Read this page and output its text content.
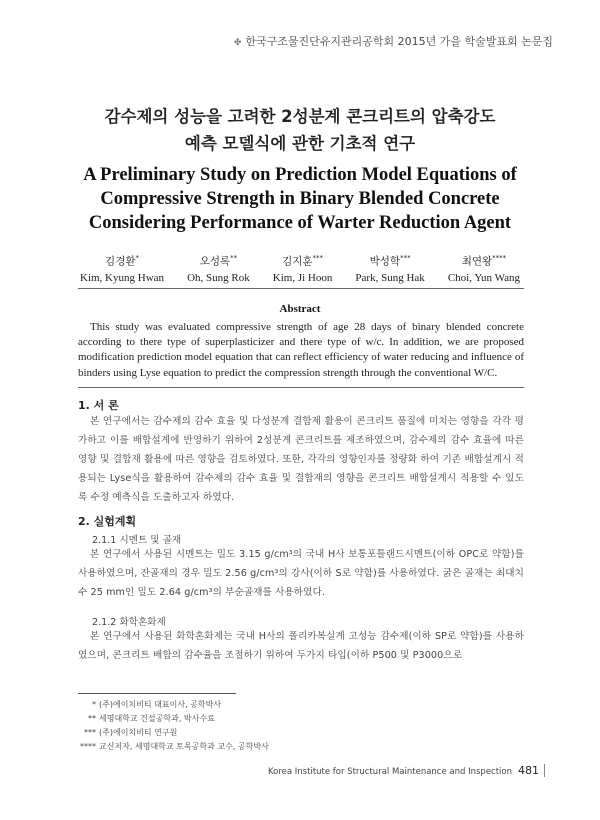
✤ 한국구조물진단유지관리공학회 2015년 가을 학술발표회 논문집
감수제의 성능을 고려한 2성분계 콘크리트의 압축강도
예측 모델식에 관한 기초적 연구
A Preliminary Study on Prediction Model Equations of
Compressive Strength in Binary Blended Concrete
Considering Performance of Warter Reduction Agent
김경환*
Kim, Kyung Hwan
오성록**
Oh, Sung Rok
김지훈***
Kim, Ji Hoon
박성학***
Park, Sung Hak
최연왕****
Choi, Yun Wang
Abstract
This study was evaluated compressive strength of age 28 days of binary blended concrete according to there type of superplasticizer and there type of w/c. In addition, we are proposed modification prediction model equation that can reflect efficiency of water reducing and influence of binders using Lyse equation to predict the compression strength through the conventional W/C.
1. 서 론
본 연구에서는 감수제의 감수 효율 및 다성분계 결합제 활용이 콘크리트 품질에 미치는 영향을 각각 평가하고 이를 배합설계에 반영하기 위하여 2성분계 콘크리트를 제조하였으며, 감수제의 감수 효율에 따른 영향 및 결합재 활용에 따른 영향을 검토하였다. 또한, 각각의 영향인자를 정량화 하여 기존 배합설계시 적용되는 Lyse식을 활용하여 감수제의 감수 효율 및 결합재의 영향을 콘크리트 배합설계시 적용할 수 있도록 수정 예측식을 도출하고자 하였다.
2. 실험계획
2.1.1 시멘트 및 골재
본 연구에서 사용된 시멘트는 밀도 3.15 g/cm³의 국내 H사 보통포틀랜드시멘트(이하 OPC로 약함)를 사용하였으며, 잔골재의 경우 밀도 2.56 g/cm³의 강사(이하 S로 약함)를 사용하였다. 굵은 골재는 최대치수 25 mm인 밀도 2.64 g/cm³의 부순골재를 사용하였다.
2.1.2 화학혼화제
본 연구에서 사용된 화학혼화제는 국내 H사의 폴리카복실계 고성능 감수제(이하 SP로 약함)를 사용하였으며, 콘크리트 배합의 감수율을 조절하기 위하여 두가지 타입(이하 P500 및 P3000으로
* (주)에이치비티 대표이사, 공학박사
** 세명대학교 건설공학과, 박사수료
*** (주)에이치비티 연구원
**** 교신저자, 세명대학교 토목공학과 교수, 공학박사
Korea Institute for Structural Maintenance and Inspection 481
